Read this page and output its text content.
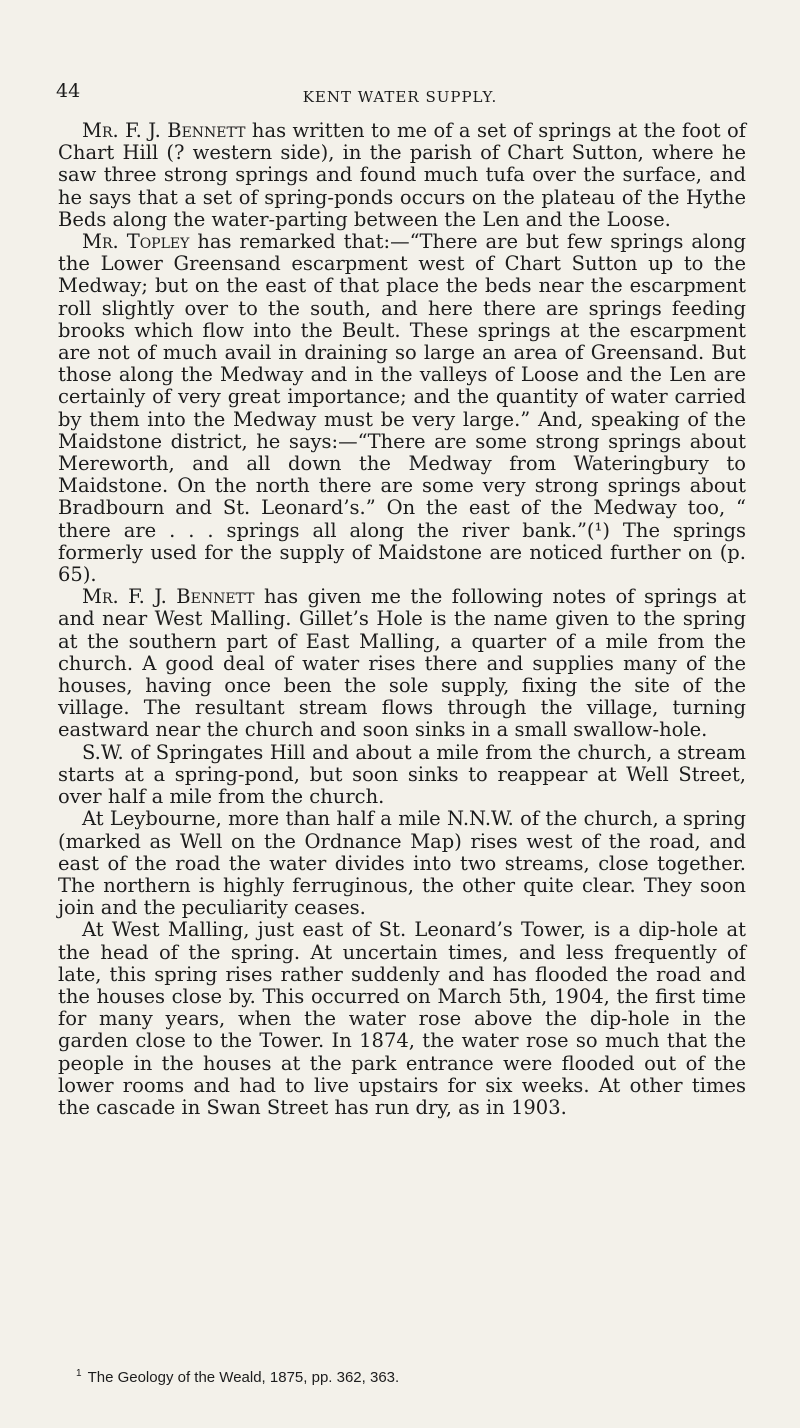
44	KENT WATER SUPPLY.

Mr. F. J. Bennett has written to me of a set of springs at the foot of Chart Hill (? western side), in the parish of Chart Sutton, where he saw three strong springs and found much tufa over the surface, and he says that a set of spring-ponds occurs on the plateau of the Hythe Beds along the water-parting between the Len and the Loose.

Mr. Topley has remarked that:—“There are but few springs along the Lower Greensand escarpment west of Chart Sutton up to the Medway; but on the east of that place the beds near the escarpment roll slightly over to the south, and here there are springs feeding brooks which flow into the Beult. These springs at the escarpment are not of much avail in draining so large an area of Greensand. But those along the Medway and in the valleys of Loose and the Len are certainly of very great importance; and the quantity of water carried by them into the Medway must be very large.” And, speaking of the Maidstone district, he says:—“There are some strong springs about Mereworth, and all down the Medway from Wateringbury to Maidstone. On the north there are some very strong springs about Bradbourn and St. Leonard’s.” On the east of the Medway too, “ there are . . . springs all along the river bank.”(¹) The springs formerly used for the supply of Maidstone are noticed further on (p. 65).

Mr. F. J. Bennett has given me the following notes of springs at and near West Malling. Gillet’s Hole is the name given to the spring at the southern part of East Malling, a quarter of a mile from the church. A good deal of water rises there and supplies many of the houses, having once been the sole supply, fixing the site of the village. The resultant stream flows through the village, turning eastward near the church and soon sinks in a small swallow-hole.

S.W. of Springates Hill and about a mile from the church, a stream starts at a spring-pond, but soon sinks to reappear at Well Street, over half a mile from the church.

At Leybourne, more than half a mile N.N.W. of the church, a spring (marked as Well on the Ordnance Map) rises west of the road, and east of the road the water divides into two streams, close together. The northern is highly ferruginous, the other quite clear. They soon join and the peculiarity ceases.

At West Malling, just east of St. Leonard’s Tower, is a dip-hole at the head of the spring. At uncertain times, and less frequently of late, this spring rises rather suddenly and has flooded the road and the houses close by. This occurred on March 5th, 1904, the first time for many years, when the water rose above the dip-hole in the garden close to the Tower. In 1874, the water rose so much that the people in the houses at the park entrance were flooded out of the lower rooms and had to live upstairs for six weeks. At other times the cascade in Swan Street has run dry, as in 1903.

$^1$ The Geology of the Weald, 1875, pp. 362, 363.
